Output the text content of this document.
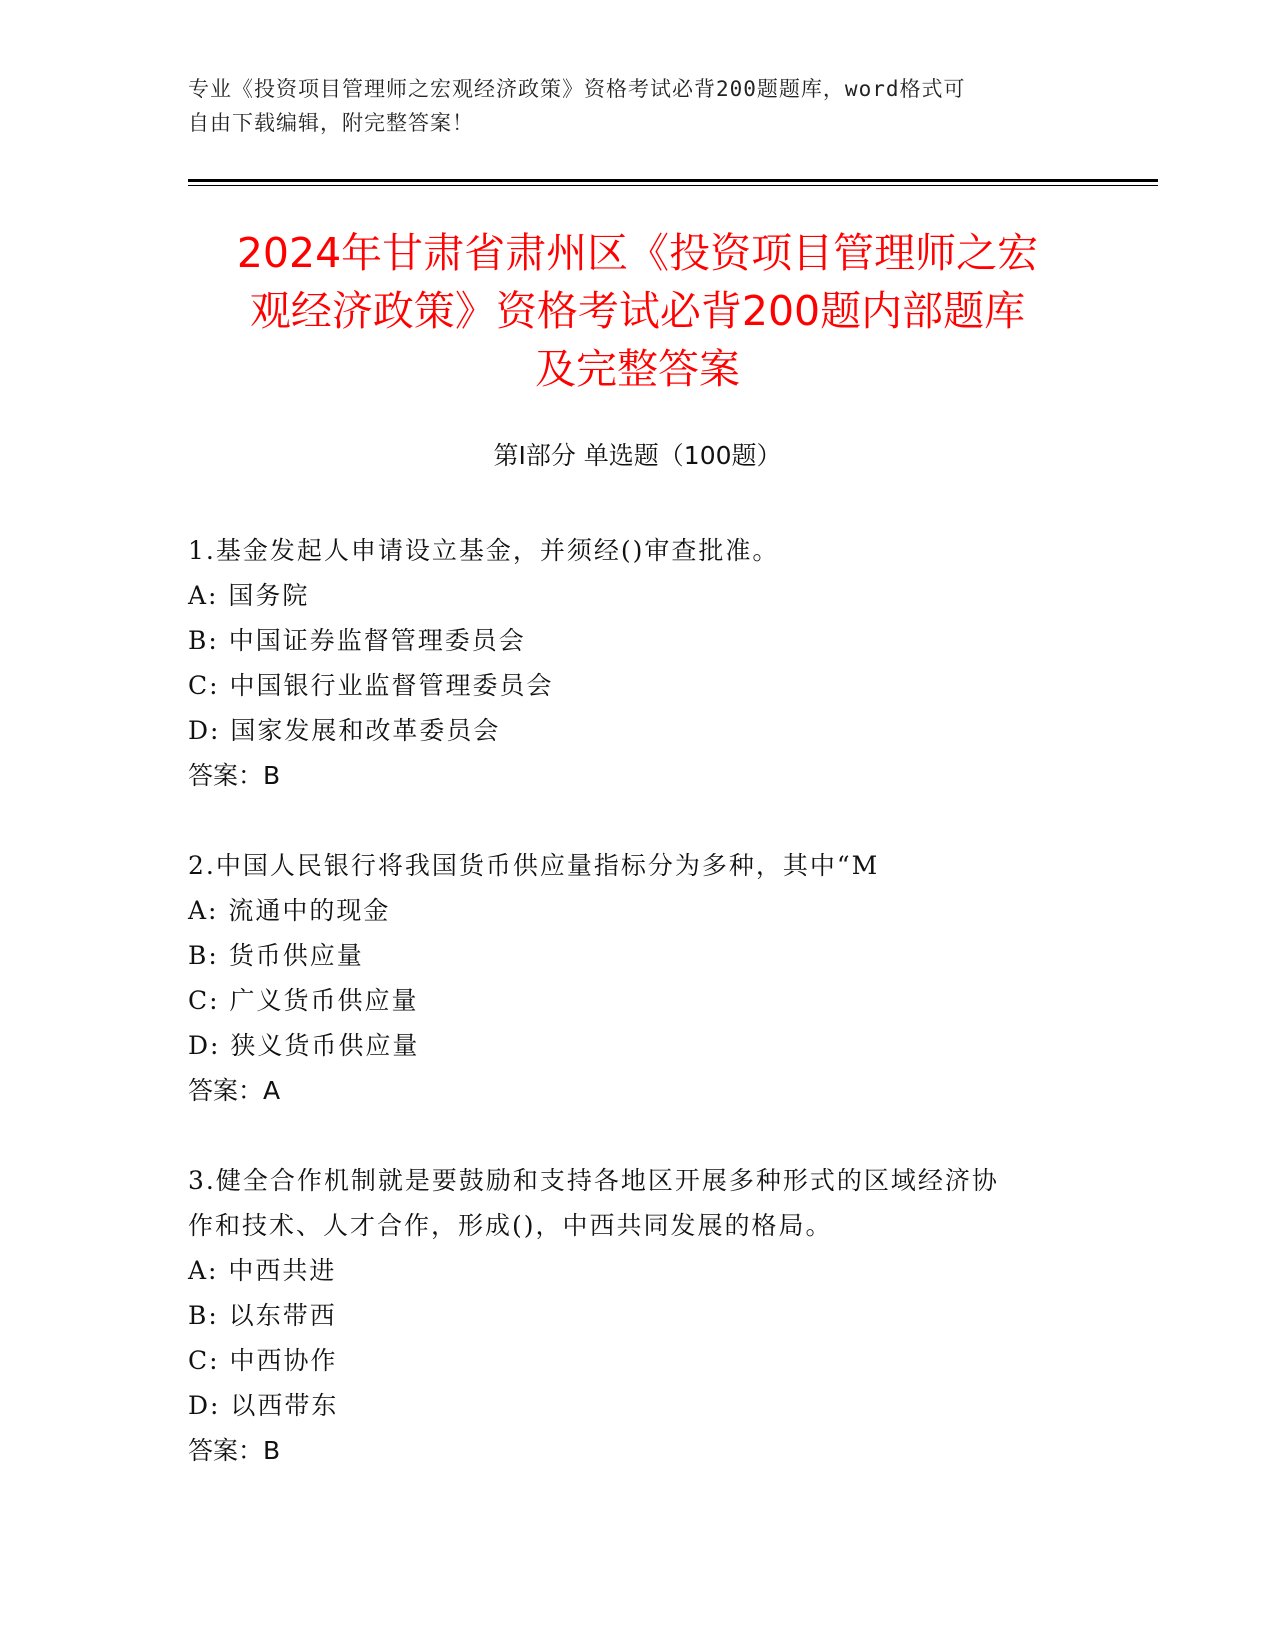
专业《投资项目管理师之宏观经济政策》资格考试必背200题题库，word格式可
自由下载编辑，附完整答案！
2024年甘肃省肃州区《投资项目管理师之宏
观经济政策》资格考试必背200题内部题库
及完整答案
第Ⅰ部分 单选题（100题）

1.基金发起人申请设立基金，并须经()审查批准。

A: 国务院

B: 中国证券监督管理委员会

C: 中国银行业监督管理委员会

D: 国家发展和改革委员会

答案：B

2.中国人民银行将我国货币供应量指标分为多种，其中“M

A: 流通中的现金

B: 货币供应量

C: 广义货币供应量

D: 狭义货币供应量

答案：A

3.健全合作机制就是要鼓励和支持各地区开展多种形式的区域经济协

作和技术、人才合作，形成()，中西共同发展的格局。

A: 中西共进

B: 以东带西

C: 中西协作

D: 以西带东

答案：B
